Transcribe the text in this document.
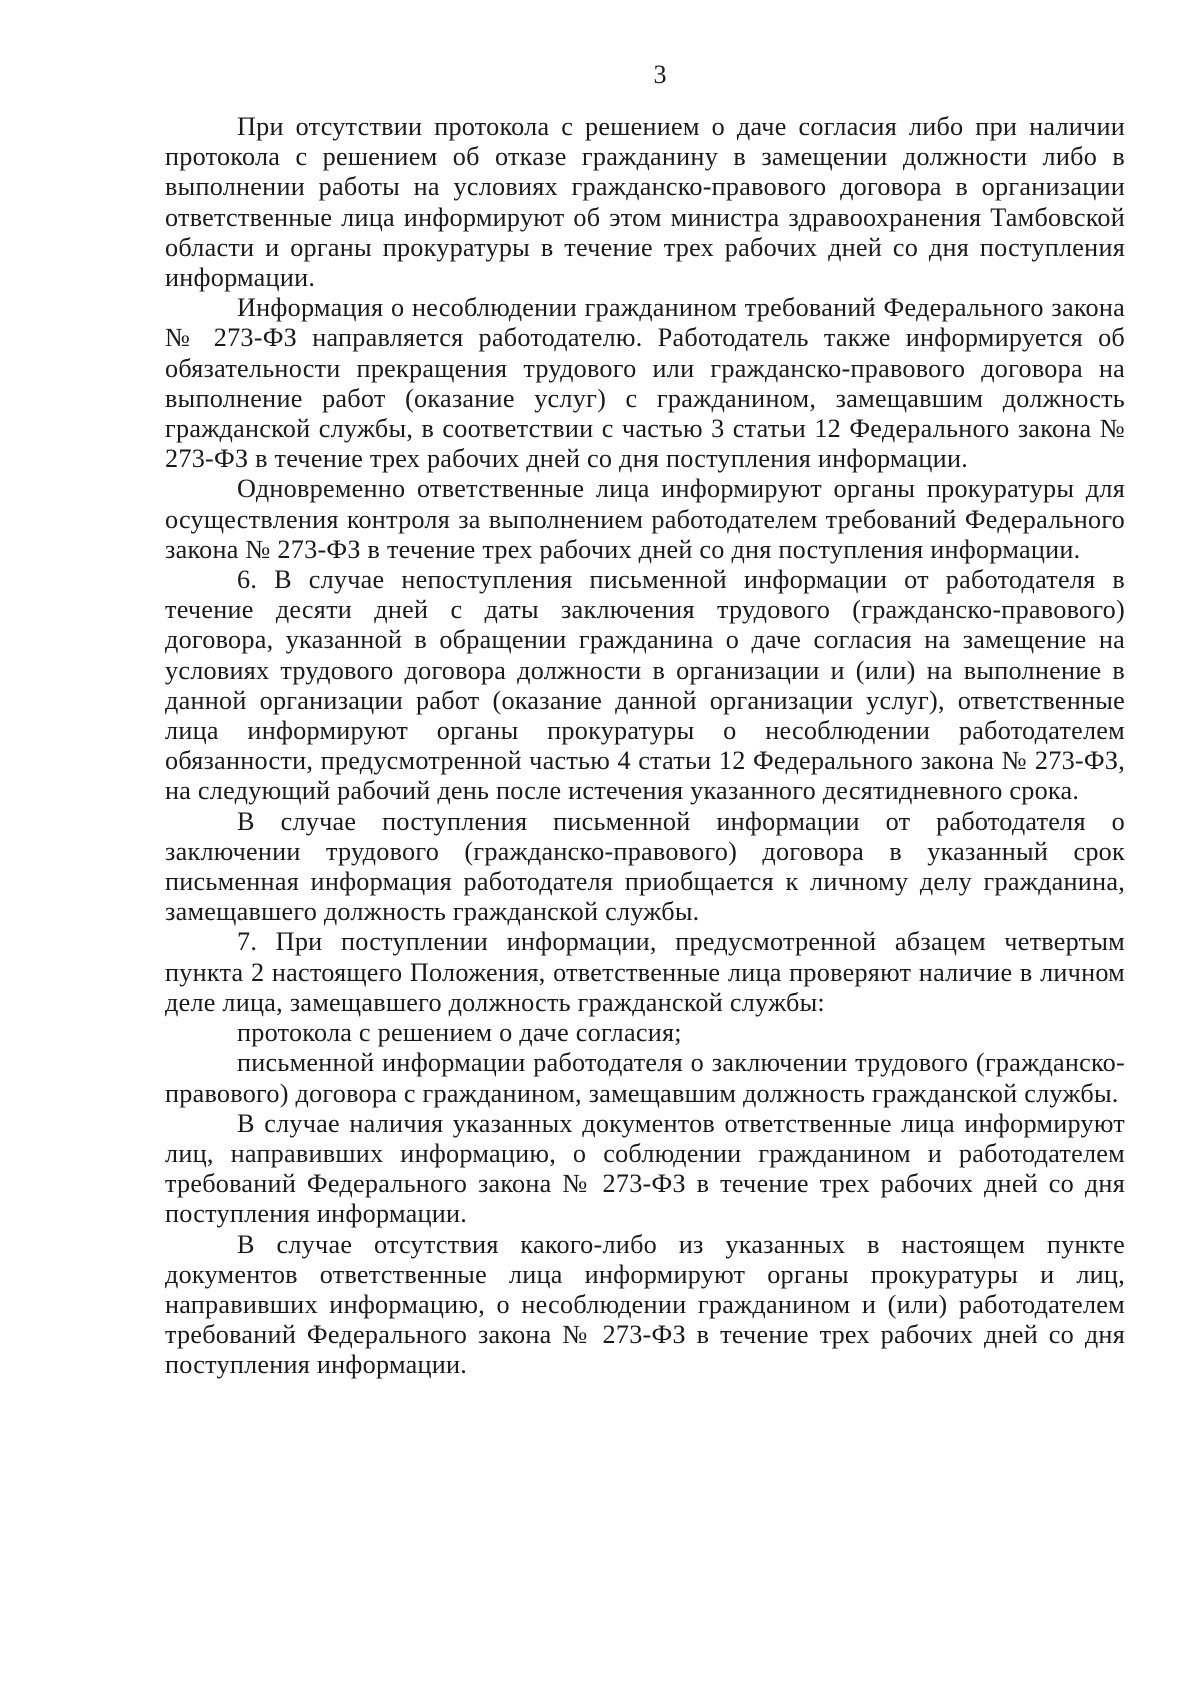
3

При отсутствии протокола с решением о даче согласия либо при наличии протокола с решением об отказе гражданину в замещении должности либо в выполнении работы на условиях гражданско-правового договора в организации ответственные лица информируют об этом министра здравоохранения Тамбовской области и органы прокуратуры в течение трех рабочих дней со дня поступления информации.

Информация о несоблюдении гражданином требований Федерального закона № 273-ФЗ направляется работодателю. Работодатель также информируется об обязательности прекращения трудового или гражданско-правового договора на выполнение работ (оказание услуг) с гражданином, замещавшим должность гражданской службы, в соответствии с частью 3 статьи 12 Федерального закона № 273-ФЗ в течение трех рабочих дней со дня поступления информации.

Одновременно ответственные лица информируют органы прокуратуры для осуществления контроля за выполнением работодателем требований Федерального закона № 273-ФЗ в течение трех рабочих дней со дня поступления информации.

6. В случае непоступления письменной информации от работодателя в течение десяти дней с даты заключения трудового (гражданско-правового) договора, указанной в обращении гражданина о даче согласия на замещение на условиях трудового договора должности в организации и (или) на выполнение в данной организации работ (оказание данной организации услуг), ответственные лица информируют органы прокуратуры о несоблюдении работодателем обязанности, предусмотренной частью 4 статьи 12 Федерального закона № 273-ФЗ, на следующий рабочий день после истечения указанного десятидневного срока.

В случае поступления письменной информации от работодателя о заключении трудового (гражданско-правового) договора в указанный срок письменная информация работодателя приобщается к личному делу гражданина, замещавшего должность гражданской службы.

7. При поступлении информации, предусмотренной абзацем четвертым пункта 2 настоящего Положения, ответственные лица проверяют наличие в личном деле лица, замещавшего должность гражданской службы:

протокола с решением о даче согласия;

письменной информации работодателя о заключении трудового (гражданско-правового) договора с гражданином, замещавшим должность гражданской службы.

В случае наличия указанных документов ответственные лица информируют лиц, направивших информацию, о соблюдении гражданином и работодателем требований Федерального закона № 273-ФЗ в течение трех рабочих дней со дня поступления информации.

В случае отсутствия какого-либо из указанных в настоящем пункте документов ответственные лица информируют органы прокуратуры и лиц, направивших информацию, о несоблюдении гражданином и (или) работодателем требований Федерального закона № 273-ФЗ в течение трех рабочих дней со дня поступления информации.
